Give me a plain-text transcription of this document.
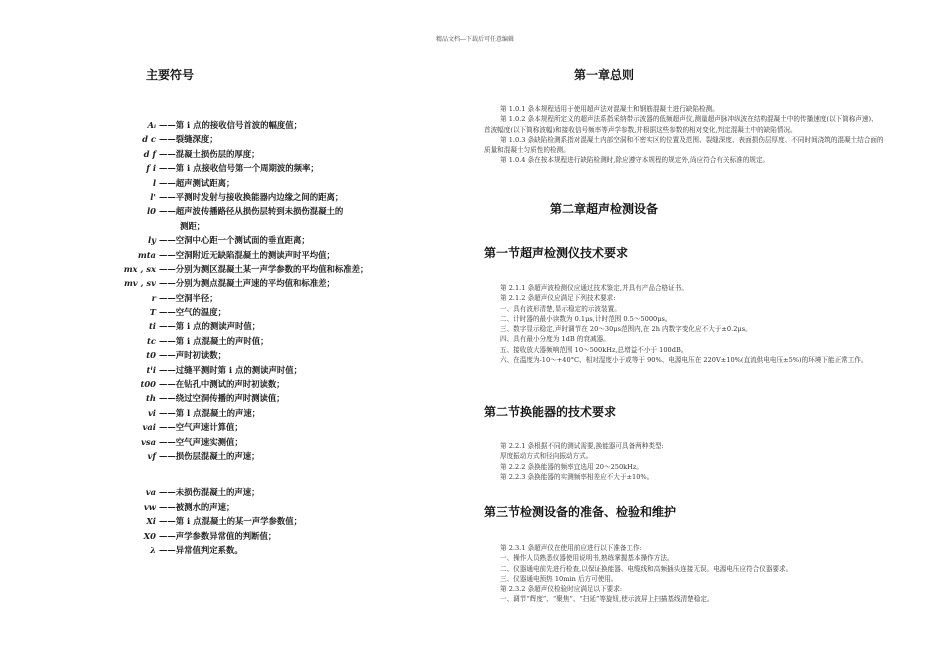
精品文档---下载后可任意编辑
主要符号
Aᵢ ——第 i 点的接收信号首波的幅度值；
d c ——裂缝深度；
d f ——混凝土损伤层的厚度；
f i ——第 i 点接收信号第一个周期波的频率；
l ——超声测试距离；
l' ——平测时发射与接收换能器内边缘之间的距离；
l0 ——超声波传播路径从损伤层转到未损伤混凝土的
测距；
ly ——空洞中心距一个测试面的垂直距离；
mta ——空洞附近无缺陷混凝土的测读声时平均值；
mx , sx ——分别为测区混凝土某一声学参数的平均值和标准差；
mv , sv ——分别为测点混凝土声速的平均值和标准差；
r ——空洞半径；
T ——空气的温度；
ti ——第 i 点的测读声时值；
tc ——第 i 点混凝土的声时值；
t0 ——声时初读数；
tˡi ——过缝平测时第 i 点的测读声时值；
t00 ——在钻孔中测试的声时初读数；
th ——绕过空洞传播的声时测读值；
vi ——第 l 点混凝土的声速；
vai ——空气声速计算值；
vsa ——空气声速实测值；
vf ——损伤层混凝土的声速；
va ——未损伤混凝土的声速；
vw ——被测水的声速；
Xi ——第 i 点混凝土的某一声学参数值；
X0 ——声学参数异常值的判断值；
λ ——异常值判定系数。
第一章总则

第 1.0.1 条本规程适用于使用超声法对混凝土和钢筋混凝土进行缺陷检测。

第 1.0.2 条本规程所定义的超声法系指采纳带示波器的低频超声仪,测量超声脉冲纵波在结构混凝土中的传播速度(以下简称声速)、首波幅度(以下简称波幅)和接收信号频率等声学参数,并根据这些参数的相对变化,判定混凝土中的缺陷情况。

第 1.0.3 条缺陷检测系指对混凝土内部空洞和不密实区的位置及范围、裂缝深度、表面损伤层厚度、不同时间浇筑的混凝土结合面的质量和混凝土匀质性的检测。

第 1.0.4 条在按本规程进行缺陷检测时,除应遵守本规程的规定外,尚应符合有关标准的规定。

第二章超声检测设备
第一节超声检测仪技术要求

第 2.1.1 条超声波检测仪应通过技术鉴定,并具有产品合格证书。

第 2.1.2 条超声仪应满足下列技术要求:

一、具有波形清楚,显示稳定的示波装置。

二、计时器的最小读数为 0.1μs,计时范围 0.5～5000μs。

三、数字显示稳定,声时调节在 20～30μs范围内,在 2h 内数字变化应不大于±0.2μs。

四、具有最小分度为 1dB 的衰减器。

五、接收放大器频响范围 10～500kHz,总增益不小于 100dB。

六、在温度为-10～+40°C、相对湿度小于或等于 90%、电源电压在 220V±10%(直流供电电压±5%)的环境下能正常工作。

第二节换能器的技术要求

第 2.2.1 条根据不同的测试需要,换能器可具备两种类型:

厚度振动方式和径向振动方式。

第 2.2.2 条换能器的频率宜选用 20～250kHz。

第 2.2.3 条换能器的实测频率相差应不大于±10%。

第三节检测设备的准备、检验和维护

第 2.3.1 条超声仪在使用前应进行以下准备工作:

一、操作人员熟悉仪器使用说明书,熟练掌握基本操作方法。

二、仪器通电前先进行检查,以保证换能器、电缆线和高频插头连接无误。电源电压应符合仪器要求。

三、仪器通电预热 10min 后方可使用。

第 2.3.2 条超声仪检验时应满足以下要求:

一、调节“辉度”、“聚焦”、“扫延”等旋钮,使示波屏上扫描基线清楚稳定。
